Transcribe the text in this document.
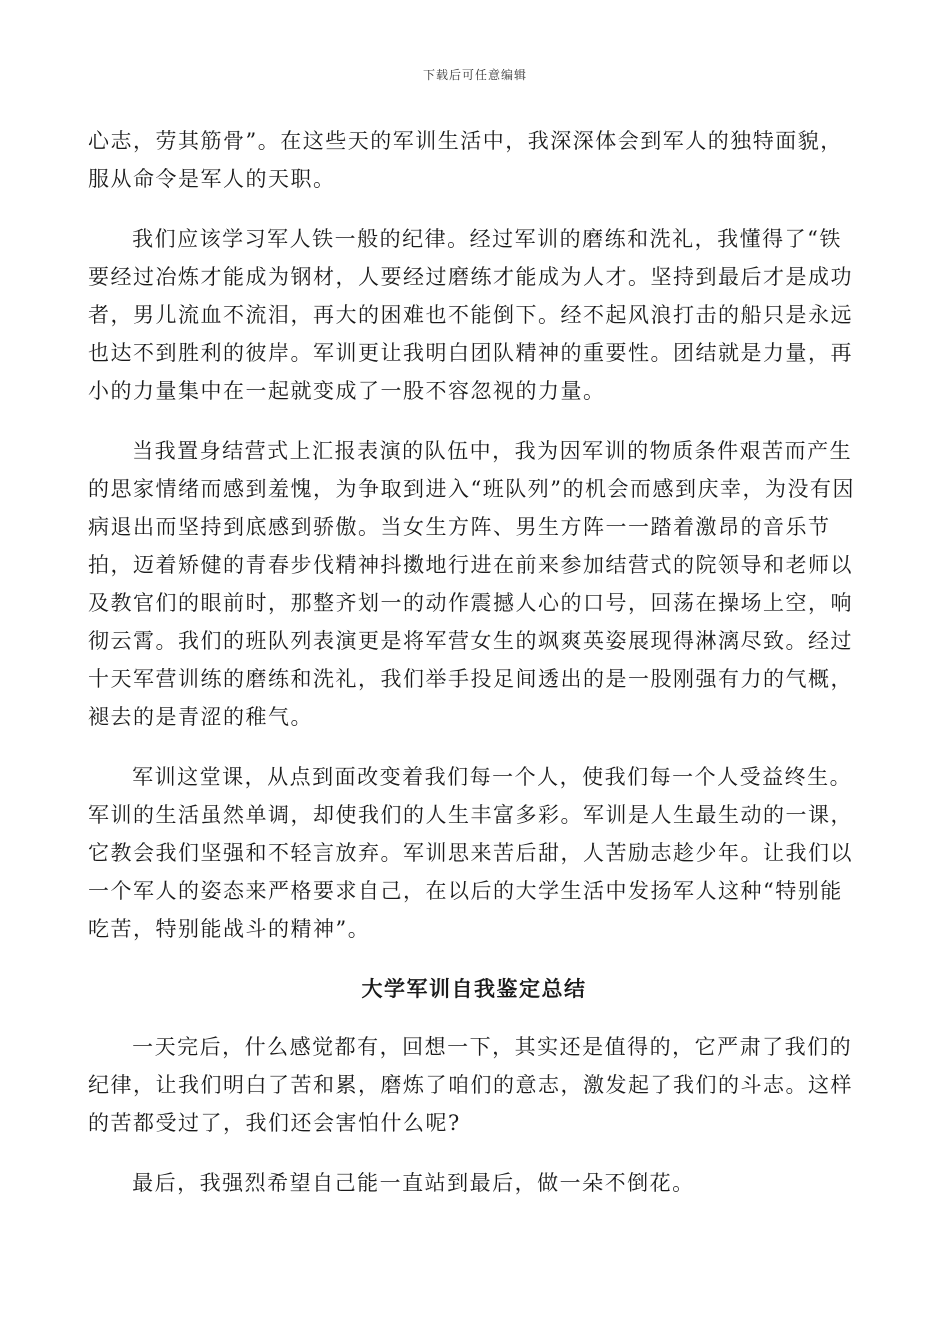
下载后可任意编辑

心志，劳其筋骨”。在这些天的军训生活中，我深深体会到军人的独特面貌，服从命令是军人的天职。

我们应该学习军人铁一般的纪律。经过军训的磨练和洗礼，我懂得了“铁要经过冶炼才能成为钢材，人要经过磨练才能成为人才。坚持到最后才是成功者，男儿流血不流泪，再大的困难也不能倒下。经不起风浪打击的船只是永远也达不到胜利的彼岸。军训更让我明白团队精神的重要性。团结就是力量，再小的力量集中在一起就变成了一股不容忽视的力量。

当我置身结营式上汇报表演的队伍中，我为因军训的物质条件艰苦而产生的思家情绪而感到羞愧，为争取到进入“班队列”的机会而感到庆幸，为没有因病退出而坚持到底感到骄傲。当女生方阵、男生方阵一一踏着激昂的音乐节拍，迈着矫健的青春步伐精神抖擞地行进在前来参加结营式的院领导和老师以及教官们的眼前时，那整齐划一的动作震撼人心的口号，回荡在操场上空，响彻云霄。我们的班队列表演更是将军营女生的飒爽英姿展现得淋漓尽致。经过十天军营训练的磨练和洗礼，我们举手投足间透出的是一股刚强有力的气概，褪去的是青涩的稚气。

军训这堂课，从点到面改变着我们每一个人，使我们每一个人受益终生。军训的生活虽然单调，却使我们的人生丰富多彩。军训是人生最生动的一课，它教会我们坚强和不轻言放弃。军训思来苦后甜，人苦励志趁少年。让我们以一个军人的姿态来严格要求自己，在以后的大学生活中发扬军人这种“特别能吃苦，特别能战斗的精神”。

大学军训自我鉴定总结

一天完后，什么感觉都有，回想一下，其实还是值得的，它严肃了我们的纪律，让我们明白了苦和累，磨炼了咱们的意志，激发起了我们的斗志。这样的苦都受过了，我们还会害怕什么呢?

最后，我强烈希望自己能一直站到最后，做一朵不倒花。
